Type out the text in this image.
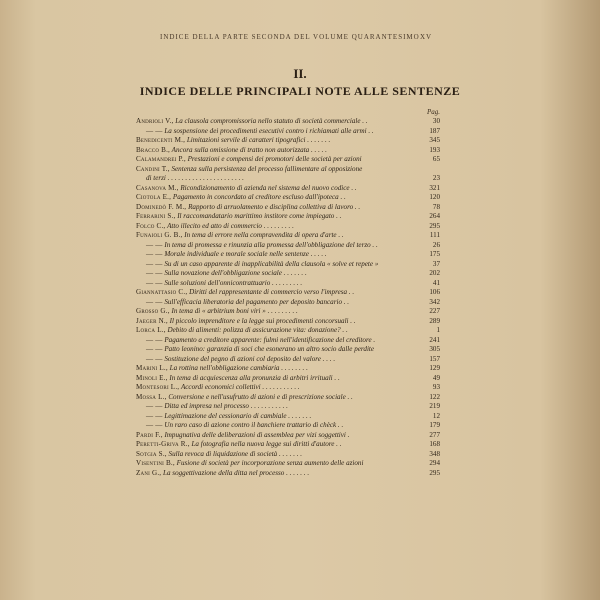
INDICE DELLA PARTE SECONDA DEL VOLUME QUARANTESIMO XV
II.
INDICE DELLE PRINCIPALI NOTE ALLE SENTENZE
Pag.
Andrioli V., La clausola compromissoria nello statuto di società commerciale . .	30
— — La sospensione dei procedimenti esecutivi contro i richiamati alle armi . .	187
Benedicenti M., Limitazioni servile di caratteri tipografici . . . . . . .	345
Bracco B., Ancora sulla omissione di tratto non autorizzata . . . . .	193
Calamandrei P., Prestazioni e compensi dei promotori delle società per azioni	65
Candini T., Sentenza sulla persistenza del processo fallimentare al opposizione
di terzi . . . . . . . . . . . . . . . . . . . . . .	23
Casanova M., Ricondizionamento di azienda nel sistema del nuovo codice . .	321
Ciotola E., Pagamento in concordato al creditore escluso dall'ipoteca . .	120
Dominedò F. M., Rapporto di arruolamento e disciplina collettiva di lavoro . .	78
Ferrarini S., Il raccomandatario marittimo institore come impiegato . .	264
Folco C., Atto illecito ed atto di commercio . . . . . . . . .	295
Funaioli G. B., In tema di errore nella compravendita di opera d'arte . .	111
— — In tema di promessa e rinunzia alla promessa dell'obbligazione del terzo . .	26
— — Morale individuale e morale sociale nelle sentenze . . . . .	175
— — Su di un caso apparente di inapplicabilità della clausola « solve et repete »	37
— — Sulla novazione dell'obbligazione sociale . . . . . . .	202
— — Sulle soluzioni dell'onnicontrattuario . . . . . . . . .	41
Giannattasio C., Diritti del rappresentante di commercio verso l'impresa . .	106
— — Sull'efficacia liberatoria del pagamento per deposito bancario . .	342
Grosso G., In tema di « arbitrium boni viri » . . . . . . . . .	227
Jaeger N., Il piccolo imprenditore e la legge sui procedimenti concorsuali . .	289
Lorca L., Debito di alimenti: polizza di assicurazione vita: donazione? . .	1
— — Pagamento a creditore apparente: fulmi nell'identificazione del creditore .	241
— — Patto leonino: garanzia di soci che esonerano un altro socio dalle perdite	305
— — Sostituzione del pegno di azioni col deposito del valore . . . .	157
Marini L., La rottina nell'obbligazione cambiaria . . . . . . . .	129
Minoli E., In tema di acquiescenza alla pronunzia di arbitri irrituali . .	49
Montesori L., Accordi economici collettivi . . . . . . . . . . .	93
Mossa L., Conversione e nell'usufrutto di azioni e di prescrizione sociale . .	122
— — Ditta ed impresa nel processo . . . . . . . . . . .	219
— — Legittimazione del cessionario di cambiale . . . . . . .	12
— — Un raro caso di azione contro il banchiere trattario di chèck . .	179
Pardi F., Impugnativa delle deliberazioni di assemblea per vizi soggettivi .	277
Peretti-Griva R., La fotografia nella nuova legge sui diritti d'autore . .	168
Sotgia S., Sulla revoca di liquidazione di società . . . . . . .	348
Visentini B., Fusione di società per incorporazione senza aumento delle azioni	294
Zani G., La soggettivazione della ditta nel processo . . . . . . .	295
